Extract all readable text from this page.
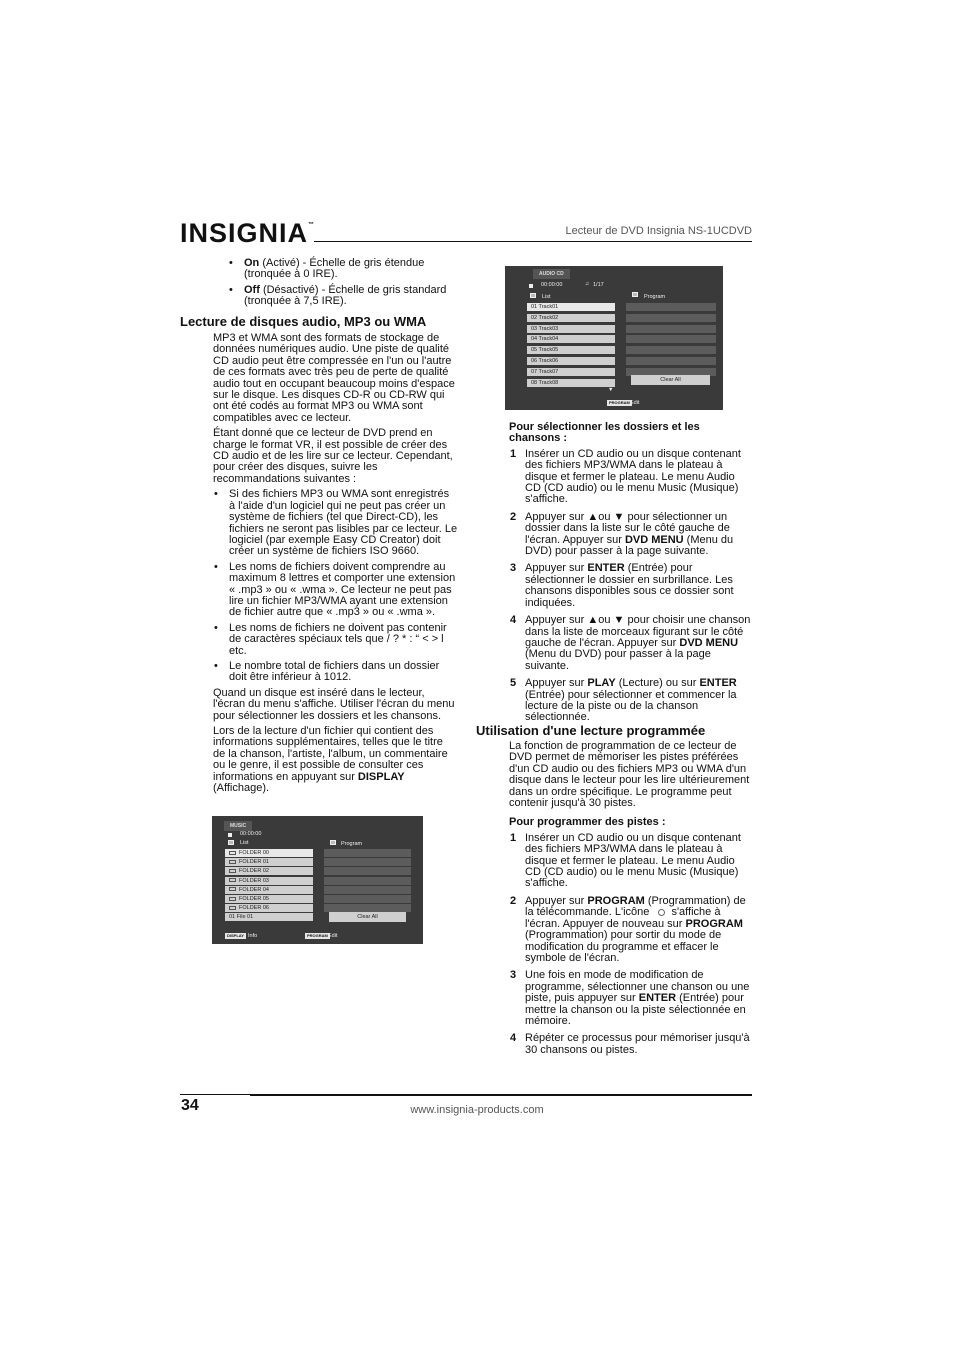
INSIGNIA™	Lecteur de DVD Insignia NS-1UCDVD
• On (Activé) - Échelle de gris étendue (tronquée à 0 IRE).
• Off (Désactivé) - Échelle de gris standard (tronquée à 7,5 IRE).
Lecture de disques audio, MP3 ou WMA

MP3 et WMA sont des formats de stockage de données numériques audio. Une piste de qualité CD audio peut être compressée en l'un ou l'autre de ces formats avec très peu de perte de qualité audio tout en occupant beaucoup moins d'espace sur le disque. Les disques CD-R ou CD-RW qui ont été codés au format MP3 ou WMA sont compatibles avec ce lecteur.

Étant donné que ce lecteur de DVD prend en charge le format VR, il est possible de créer des CD audio et de les lire sur ce lecteur. Cependant, pour créer des disques, suivre les recommandations suivantes :

• Si des fichiers MP3 ou WMA sont enregistrés à l'aide d'un logiciel qui ne peut pas créer un système de fichiers (tel que Direct-CD), les fichiers ne seront pas lisibles par ce lecteur. Le logiciel (par exemple Easy CD Creator) doit créer un système de fichiers ISO 9660.
• Les noms de fichiers doivent comprendre au maximum 8 lettres et comporter une extension « .mp3 » ou « .wma ». Ce lecteur ne peut pas lire un fichier MP3/WMA ayant une extension de fichier autre que « .mp3 » ou « .wma ».
• Les noms de fichiers ne doivent pas contenir de caractères spéciaux tels que / ? * : “ < > l etc.
• Le nombre total de fichiers dans un dossier doit être inférieur à 1012.

Quand un disque est inséré dans le lecteur, l'écran du menu s'affiche. Utiliser l'écran du menu pour sélectionner les dossiers et les chansons.

Lors de la lecture d'un fichier qui contient des informations supplémentaires, telles que le titre de la chanson, l'artiste, l'album, un commentaire ou le genre, il est possible de consulter ces informations en appuyant sur DISPLAY (Affichage).

MUSIC
00:00:00
List	Program
FOLDER 00
FOLDER 01
FOLDER 02
FOLDER 03
FOLDER 04
FOLDER 05
FOLDER 06
01 File 01	Clear All
DISPLAY Info	PROGRAM Edit
AUDIO CD
00:00:00	♫ 1/17
List	Program
01 Track01
02 Track02
03 Track03
04 Track04
05 Track05
06 Track06
07 Track07
08 Track08
▼
Clear All
PROGRAM Edit
Pour sélectionner les dossiers et les chansons :
1 Insérer un CD audio ou un disque contenant des fichiers MP3/WMA dans le plateau à disque et fermer le plateau. Le menu Audio CD (CD audio) ou le menu Music (Musique) s'affiche.
2 Appuyer sur ▲ou ▼ pour sélectionner un dossier dans la liste sur le côté gauche de l'écran. Appuyer sur DVD MENU (Menu du DVD) pour passer à la page suivante.
3 Appuyer sur ENTER (Entrée) pour sélectionner le dossier en surbrillance. Les chansons disponibles sous ce dossier sont indiquées.
4 Appuyer sur ▲ou ▼ pour choisir une chanson dans la liste de morceaux figurant sur le côté gauche de l'écran. Appuyer sur DVD MENU (Menu du DVD) pour passer à la page suivante.
5 Appuyer sur PLAY (Lecture) ou sur ENTER (Entrée) pour sélectionner et commencer la lecture de la piste ou de la chanson sélectionnée.
Utilisation d'une lecture programmée

La fonction de programmation de ce lecteur de DVD permet de mémoriser les pistes préférées d'un CD audio ou des fichiers MP3 ou WMA d'un disque dans le lecteur pour les lire ultérieurement dans un ordre spécifique. Le programme peut contenir jusqu'à 30 pistes.

Pour programmer des pistes :
1 Insérer un CD audio ou un disque contenant des fichiers MP3/WMA dans le plateau à disque et fermer le plateau. Le menu Audio CD (CD audio) ou le menu Music (Musique) s'affiche.
2 Appuyer sur PROGRAM (Programmation) de la télécommande. L'icône s'affiche à l'écran. Appuyer de nouveau sur PROGRAM (Programmation) pour sortir du mode de modification du programme et effacer le symbole de l'écran.
3 Une fois en mode de modification de programme, sélectionner une chanson ou une piste, puis appuyer sur ENTER (Entrée) pour mettre la chanson ou la piste sélectionnée en mémoire.
4 Répéter ce processus pour mémoriser jusqu'à 30 chansons ou pistes.
34	www.insignia-products.com
